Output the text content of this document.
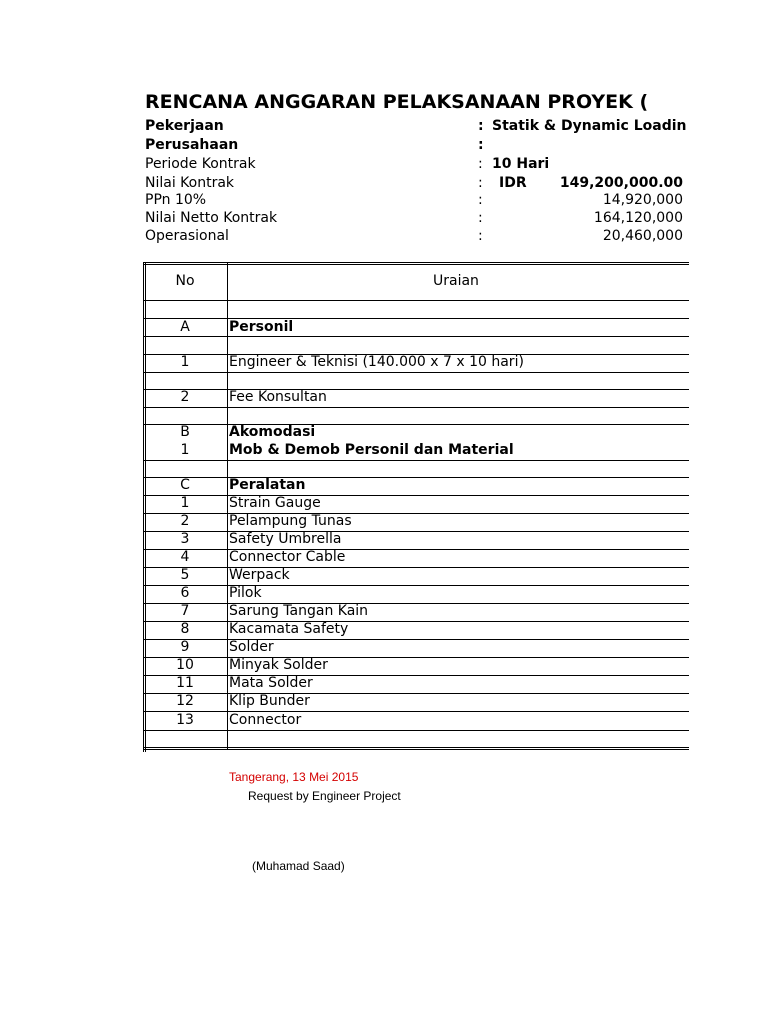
RENCANA ANGGARAN PELAKSANAAN PROYEK (
Pekerjaan	: Statik & Dynamic Loadin
Perusahaan	:
Periode Kontrak	: 10 Hari
Nilai Kontrak	: IDR	149,200,000.00
PPn 10%	:	14,920,000
Nilai Netto Kontrak	:	164,120,000
Operasional	:	20,460,000
No	Uraian
A	Personil
1	Engineer & Teknisi (140.000 x 7 x 10 hari)
2	Fee Konsultan
B	Akomodasi
1	Mob & Demob Personil dan Material
C	Peralatan
1	Strain Gauge
2	Pelampung Tunas
3	Safety Umbrella
4	Connector Cable
5	Werpack
6	Pilok
7	Sarung Tangan Kain
8	Kacamata Safety
9	Solder
10	Minyak Solder
11	Mata Solder
12	Klip Bunder
13	Connector
Tangerang, 13 Mei 2015
Request by Engineer Project
(Muhamad Saad)
